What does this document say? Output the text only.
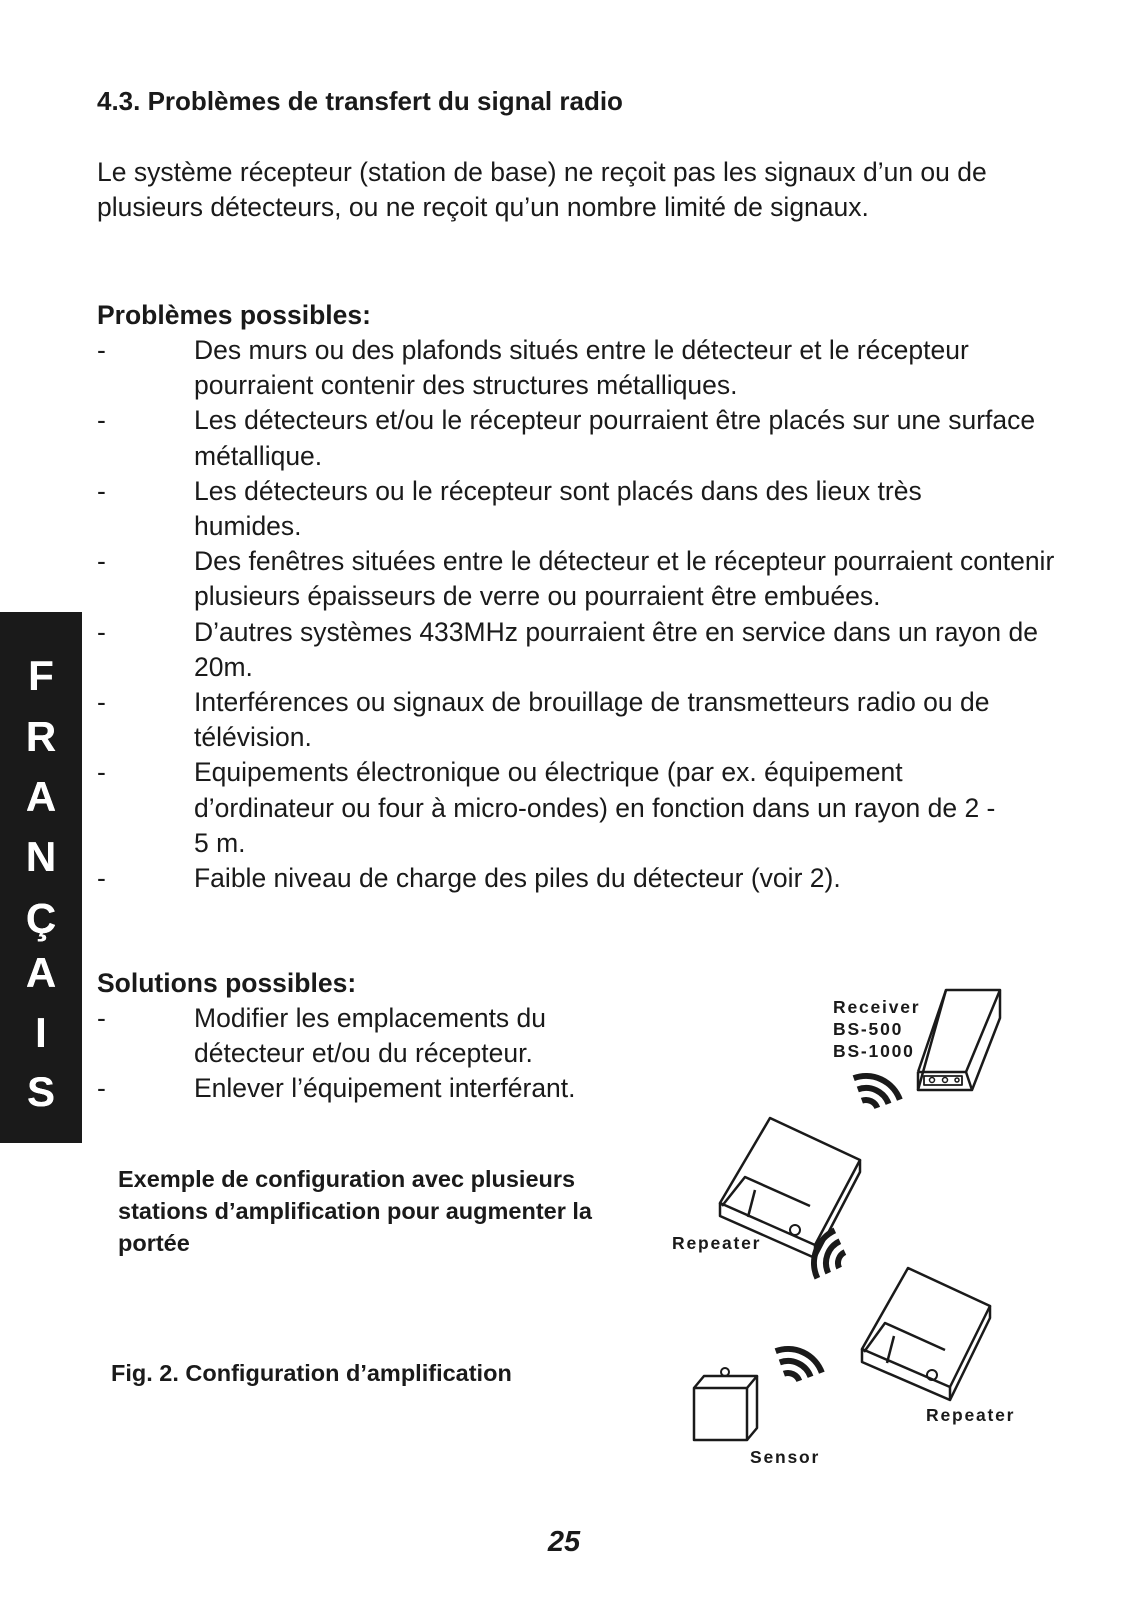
F
R
A
N
Ç
A
I
S
4.3. Problèmes de transfert du signal radio

Le système récepteur (station de base) ne reçoit pas les signaux d’un ou de plusieurs détecteurs, ou ne reçoit qu’un nombre limité de signaux.

Problèmes possibles:

-	Des murs ou des plafonds situés entre le détecteur et le récepteur pourraient contenir des structures métalliques.
-	Les détecteurs et/ou le récepteur pourraient être placés sur une surface métallique.
-	Les détecteurs ou le récepteur sont placés dans des lieux très humides.
-	Des fenêtres situées entre le détecteur et le récepteur pourraient contenir plusieurs épaisseurs de verre ou pourraient être embuées.
-	D’autres systèmes 433MHz pourraient être en service dans un rayon de 20m.
-	Interférences ou signaux de brouillage de transmetteurs radio ou de télévision.
-	Equipements électronique ou électrique (par ex. équipement d’ordinateur ou four à micro-ondes) en fonction dans un rayon de 2 - 5 m.
-	Faible niveau de charge des piles du détecteur (voir 2).

Solutions possibles:

-	Modifier les emplacements du détecteur et/ou du récepteur.
-	Enlever l’équipement interférant.

Exemple de configuration avec plusieurs stations d’amplification pour augmenter la portée

Fig. 2. Configuration d’amplification

Receiver
BS-500
BS-1000
Repeater
Repeater
Sensor
25
